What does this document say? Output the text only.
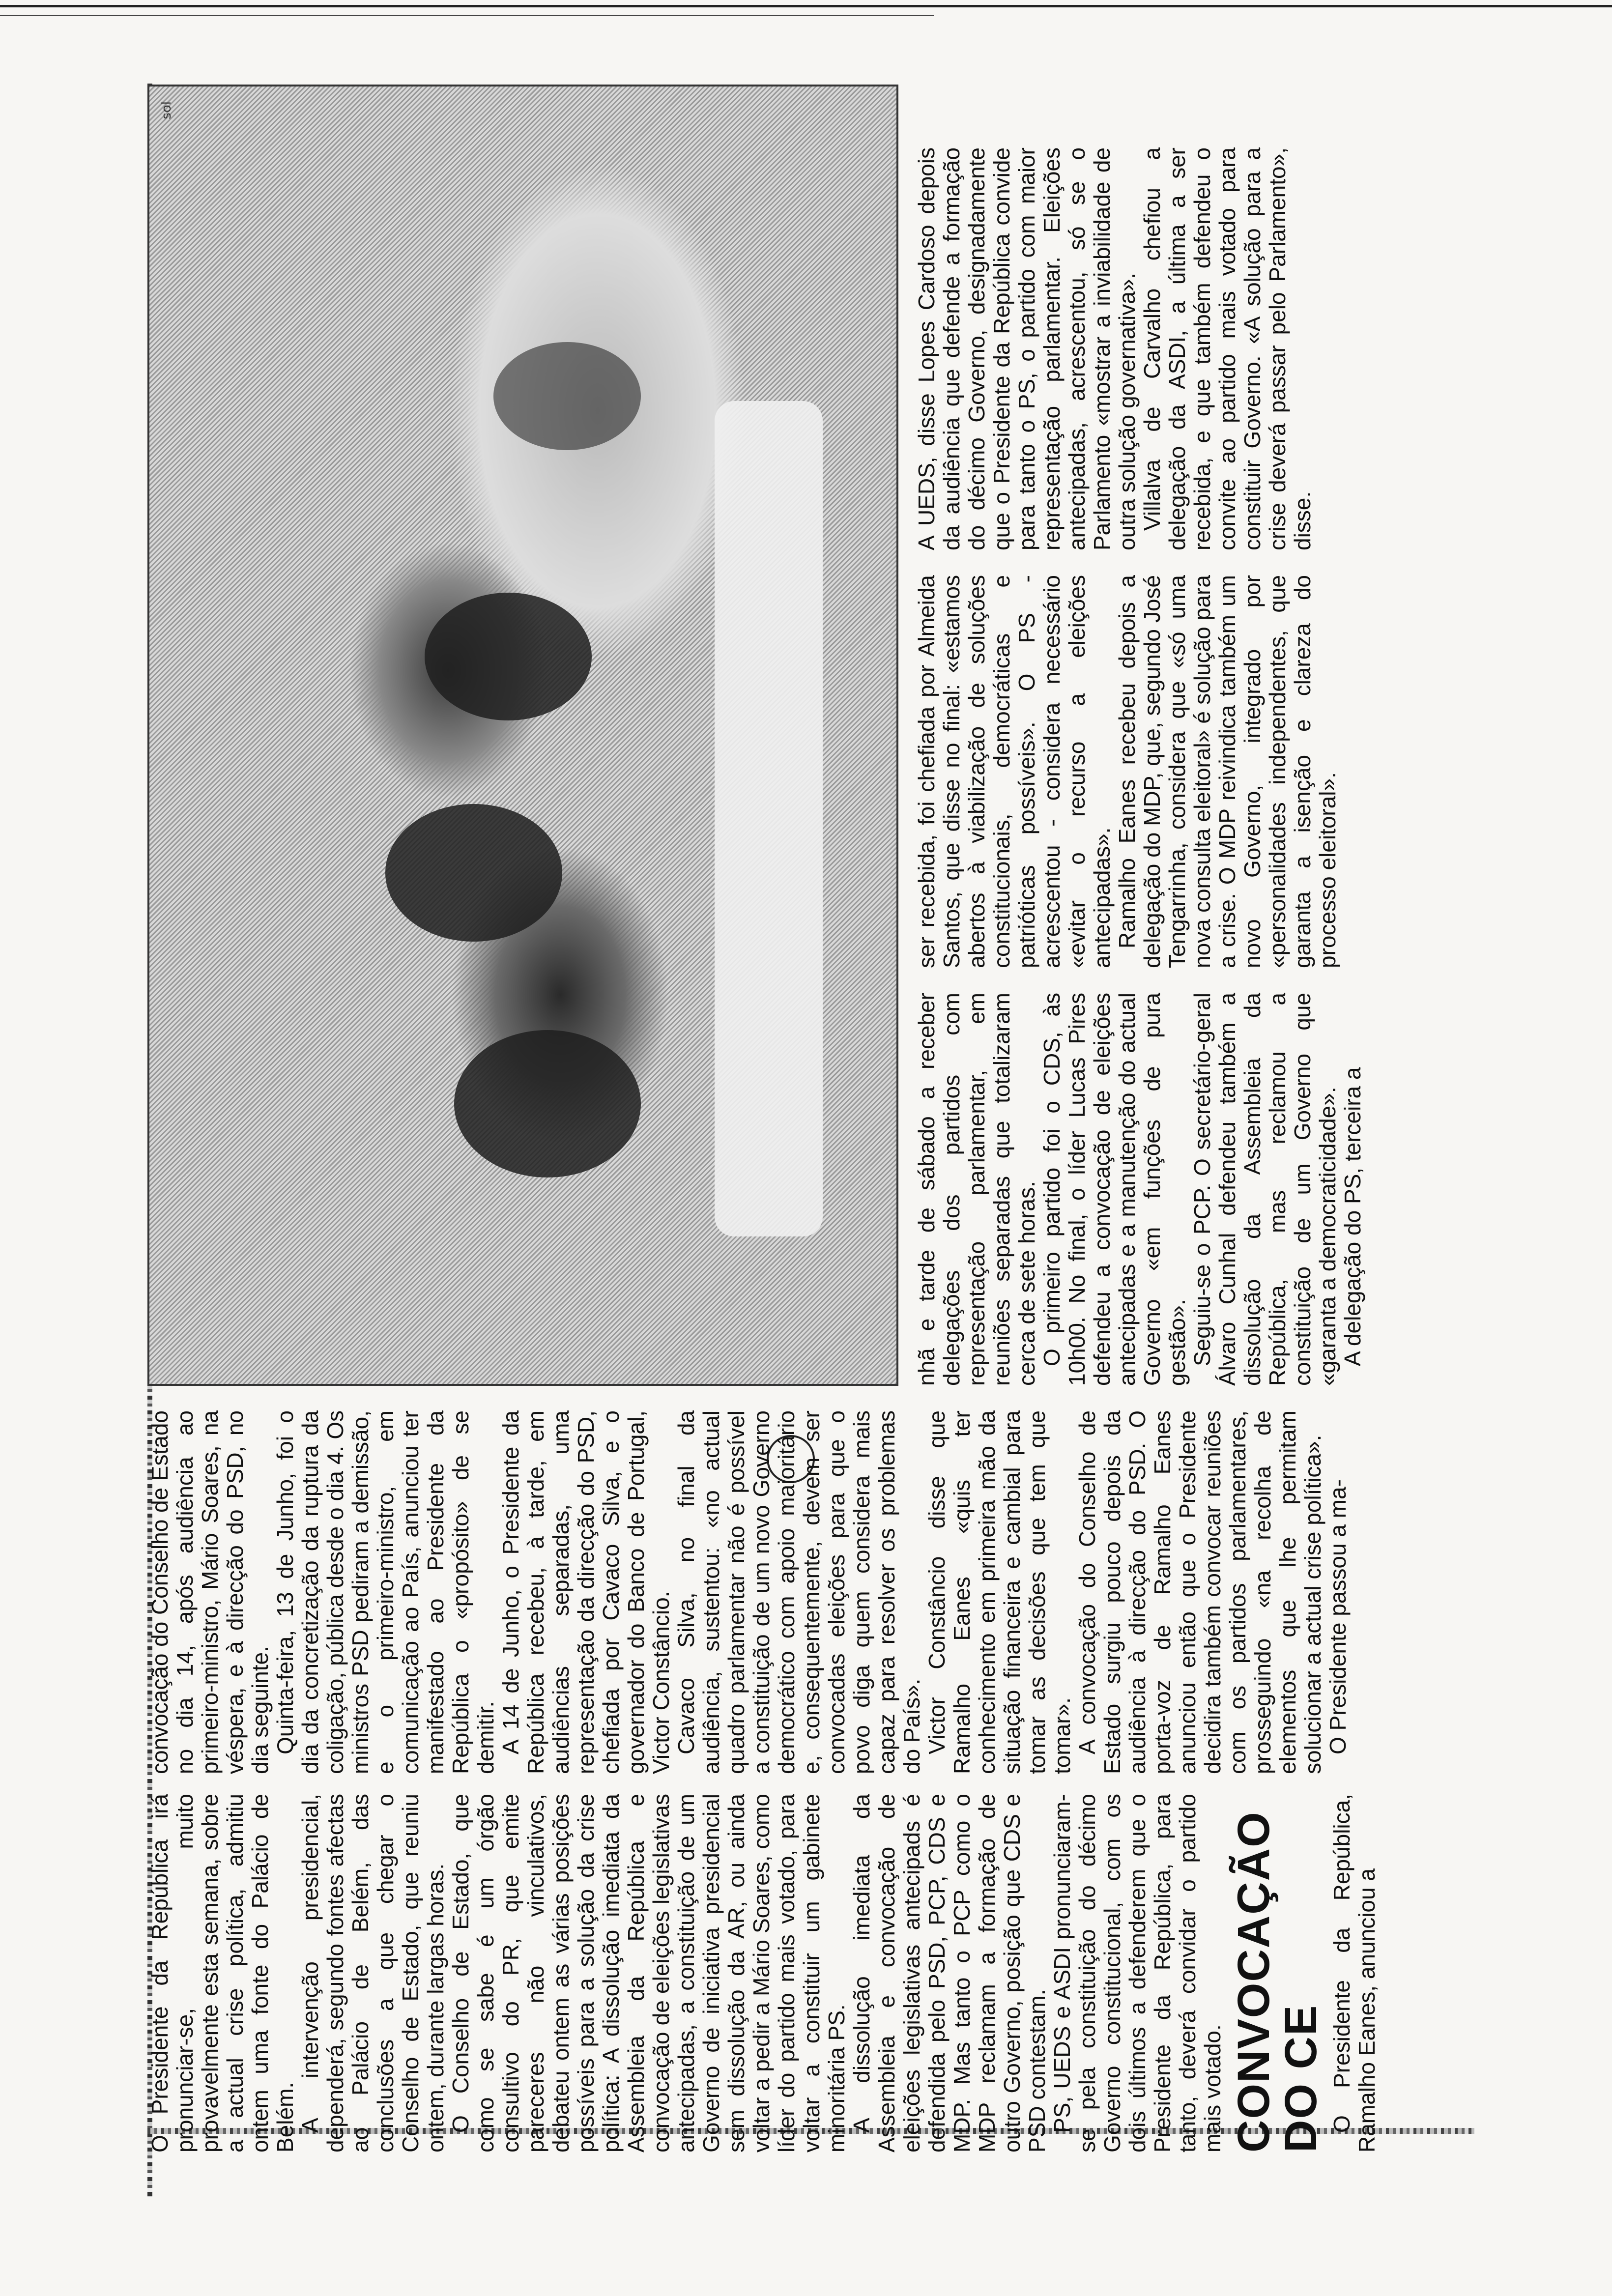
O Presidente da República irá pronunciar-se, muito provavelmente esta semana, sobre a actual crise política, admitiu ontem uma fonte do Palácio de Belém. A intervenção presidencial, dependerá, segundo fontes afectas ao Palácio de Belém, das conclusões a que chegar o Conselho de Estado, que reuniu ontem, durante largas horas. O Conselho de Estado, que como se sabe é um órgão consultivo do PR, que emite pareceres não vinculativos, debateu ontem as várias posições possíveis para a solução da crise política: A dissolução imediata da Assembleia da República e convocação de eleições legislativas antecipadas, a constituição de um Governo de iniciativa presidencial sem dissolução da AR, ou ainda voltar a pedir a Mário Soares, como líder do partido mais votado, para voltar a constituir um gabinete minoritária PS. A dissolução imediata da Assembleia e convocação de eleições legislativas antecipads é defendida pelo PSD, PCP, CDS e MDP. Mas tanto o PCP como o MDP reclamam a formação de outro Governo, posição que CDS e PSD contestam. PS, UEDS e ASDI pronunciaram-se pela constituição do décimo Governo constitucional, com os dois últimos a defenderem que o Presidente da República, para tanto, deverá convidar o partido mais votado. CONVOCAÇÃO DO CE O Presidente da República, Ramalho Eanes, anunciou a

convocação do Conselho de Estado no dia 14, após audiência ao primeiro-ministro, Mário Soares, na véspera, e à direcção do PSD, no dia seguinte. Quinta-feira, 13 de Junho, foi o dia da concretização da ruptura da coligação, pública desde o dia 4. Os ministros PSD pediram a demissão, e o primeiro-ministro, em comunicação ao País, anunciou ter manifestado ao Presidente da República o «propósito» de se demitir. A 14 de Junho, o Presidente da República recebeu, à tarde, em audiências separadas, uma representação da direcção do PSD, chefiada por Cavaco Silva, e o governador do Banco de Portugal, Victor Constâncio. Cavaco Silva, no final da audiência, sustentou: «no actual quadro parlamentar não é possível a constituição de um novo Governo democrático com apoio maioritário e, consequentemente, devem ser convocadas eleições para que o povo diga quem considera mais capaz para resolver os problemas do País». Victor Constâncio disse que Ramalho Eanes «quis ter conhecimento em primeira mão da situação financeira e cambial para tomar as decisões que tem que tomar». A convocação do Conselho de Estado surgiu pouco depois da audiência à direcção do PSD. O porta-voz de Ramalho Eanes anunciou então que o Presidente decidira também convocar reuniões com os partidos parlamentares, prosseguindo «na recolha de elementos que lhe permitam solucionar a actual crise política». O Presidente passou a ma-

sol

nhã e tarde de sábado a receber delegações dos partidos com representação parlamentar, em reuniões separadas que totalizaram cerca de sete horas. O primeiro partido foi o CDS, às 10h00. No final, o líder Lucas Pires defendeu a convocação de eleições antecipadas e a manutenção do actual Governo «em funções de pura gestão». Seguiu-se o PCP. O secretário-geral Álvaro Cunhal defendeu também a dissolução da Assembleia da República, mas reclamou a constituição de um Governo que «garanta a democraticidade». A delegação do PS, terceira a

ser recebida, foi chefiada por Almeida Santos, que disse no final: «estamos abertos à viabilização de soluções constitucionais, democráticas e patrióticas possíveis». O PS - acrescentou - considera necessário «evitar o recurso a eleições antecipadas». Ramalho Eanes recebeu depois a delegação do MDP, que, segundo José Tengarrinha, considera que «só uma nova consulta eleitoral» é solução para a crise. O MDP reivindica também um novo Governo, integrado por «personalidades independentes, que garanta a isenção e clareza do processo eleitoral».

A UEDS, disse Lopes Cardoso depois da audiência que defende a formação do décimo Governo, designadamente que o Presidente da República convide para tanto o PS, o partido com maior representação parlamentar. Eleições antecipadas, acrescentou, só se o Parlamento «mostrar a inviabilidade de outra solução governativa». Villalva de Carvalho chefiou a delegação da ASDI, a última a ser recebida, e que também defendeu o convite ao partido mais votado para constituir Governo. «A solução para a crise deverá passar pelo Parlamento», disse.
